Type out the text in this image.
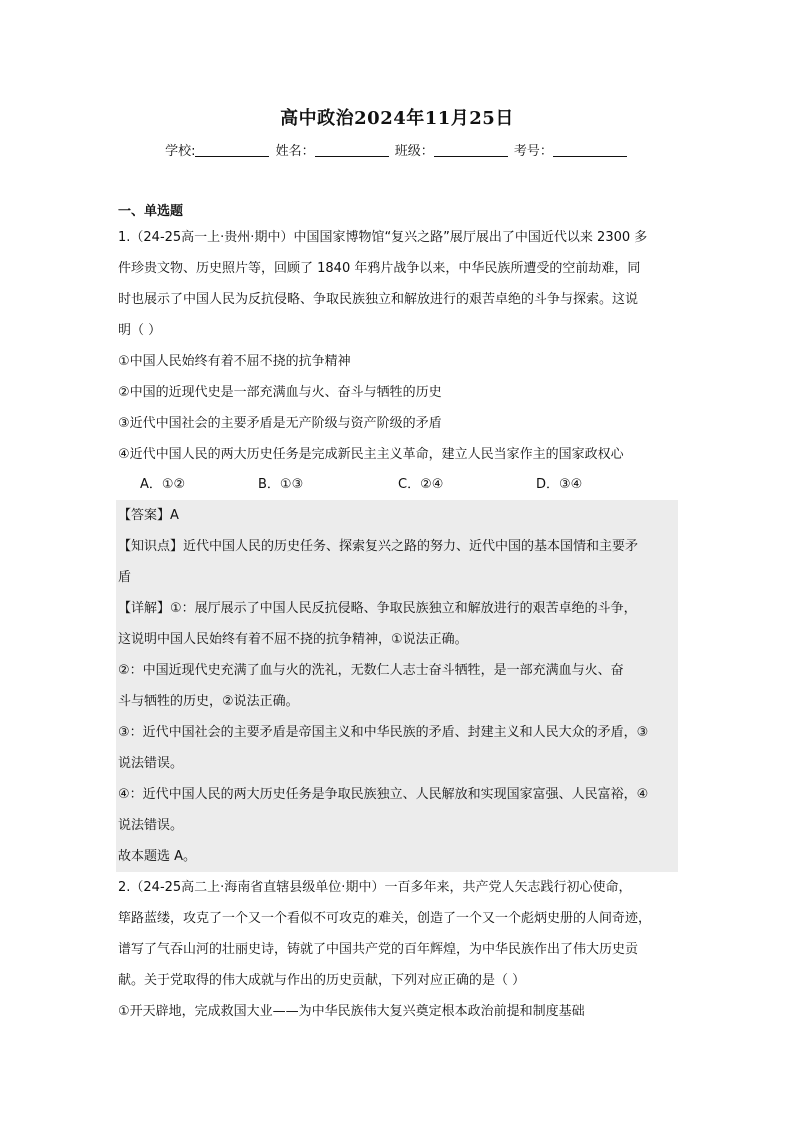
高中政治2024年11月25日
学校:	姓名：	班级：	考号：
一、单选题
1.（24-25高一上·贵州·期中）中国国家博物馆“复兴之路”展厅展出了中国近代以来 2300 多
件珍贵文物、历史照片等，回顾了 1840 年鸦片战争以来，中华民族所遭受的空前劫难，同
时也展示了中国人民为反抗侵略、争取民族独立和解放进行的艰苦卓绝的斗争与探索。这说
明（ ）
①中国人民始终有着不屈不挠的抗争精神
②中国的近现代史是一部充满血与火、奋斗与牺牲的历史
③近代中国社会的主要矛盾是无产阶级与资产阶级的矛盾
④近代中国人民的两大历史任务是完成新民主主义革命，建立人民当家作主的国家政权心
A．①②	B．①③	C．②④	D．③④
【答案】A
【知识点】近代中国人民的历史任务、探索复兴之路的努力、近代中国的基本国情和主要矛
盾
【详解】①：展厅展示了中国人民反抗侵略、争取民族独立和解放进行的艰苦卓绝的斗争，
这说明中国人民始终有着不屈不挠的抗争精神，①说法正确。
②：中国近现代史充满了血与火的洗礼，无数仁人志士奋斗牺牲，是一部充满血与火、奋
斗与牺牲的历史，②说法正确。
③：近代中国社会的主要矛盾是帝国主义和中华民族的矛盾、封建主义和人民大众的矛盾，③
说法错误。
④：近代中国人民的两大历史任务是争取民族独立、人民解放和实现国家富强、人民富裕，④
说法错误。
故本题选 A。
2.（24-25高二上·海南省直辖县级单位·期中）一百多年来，共产党人矢志践行初心使命，
筚路蓝缕，攻克了一个又一个看似不可攻克的难关，创造了一个又一个彪炳史册的人间奇迹，
谱写了气吞山河的壮丽史诗，铸就了中国共产党的百年辉煌，为中华民族作出了伟大历史贡
献。关于党取得的伟大成就与作出的历史贡献，下列对应正确的是（ ）
①开天辟地，完成救国大业——为中华民族伟大复兴奠定根本政治前提和制度基础
